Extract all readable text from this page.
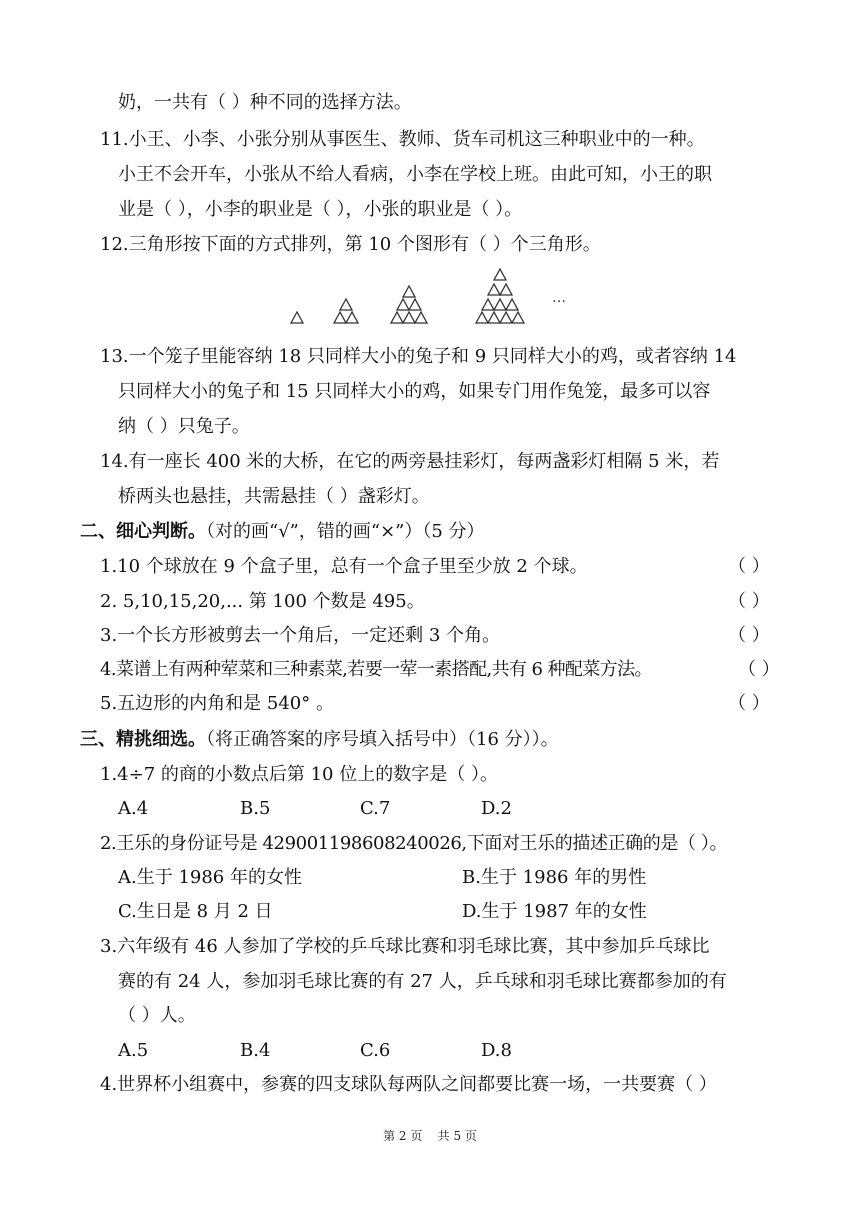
奶，一共有（ ）种不同的选择方法。
11.小王、小李、小张分别从事医生、教师、货车司机这三种职业中的一种。
小王不会开车，小张从不给人看病，小李在学校上班。由此可知，小王的职
业是（ ），小李的职业是（ ），小张的职业是（ ）。
12.三角形按下面的方式排列，第 10 个图形有（ ）个三角形。
…
13.一个笼子里能容纳 18 只同样大小的兔子和 9 只同样大小的鸡，或者容纳 14
只同样大小的兔子和 15 只同样大小的鸡，如果专门用作兔笼，最多可以容
纳（ ）只兔子。
14.有一座长 400 米的大桥，在它的两旁悬挂彩灯，每两盏彩灯相隔 5 米，若
桥两头也悬挂，共需悬挂（ ）盏彩灯。
二、细心判断。（对的画“√”，错的画“×”）（5 分）
1.10 个球放在 9 个盒子里，总有一个盒子里至少放 2 个球。	（ ）
2. 5,10,15,20,... 第 100 个数是 495。	（ ）
3.一个长方形被剪去一个角后，一定还剩 3 个角。	（ ）
4.菜谱上有两种荤菜和三种素菜,若要一荤一素搭配,共有 6 种配菜方法。	（ ）
5.五边形的内角和是 540° 。	（ ）
三、精挑细选。（将正确答案的序号填入括号中）（16 分））。
1.4÷7 的商的小数点后第 10 位上的数字是（ ）。
A.4	B.5	C.7	D.2
2.王乐的身份证号是 429001198608240026,下面对王乐的描述正确的是（ ）。
A.生于 1986 年的女性	B.生于 1986 年的男性
C.生日是 8 月 2 日	D.生于 1987 年的女性
3.六年级有 46 人参加了学校的乒乓球比赛和羽毛球比赛，其中参加乒乓球比
赛的有 24 人，参加羽毛球比赛的有 27 人，乒乓球和羽毛球比赛都参加的有
（ ）人。
A.5	B.4	C.6	D.8
4.世界杯小组赛中，参赛的四支球队每两队之间都要比赛一场，一共要赛（ ）
第 2 页 共 5 页
